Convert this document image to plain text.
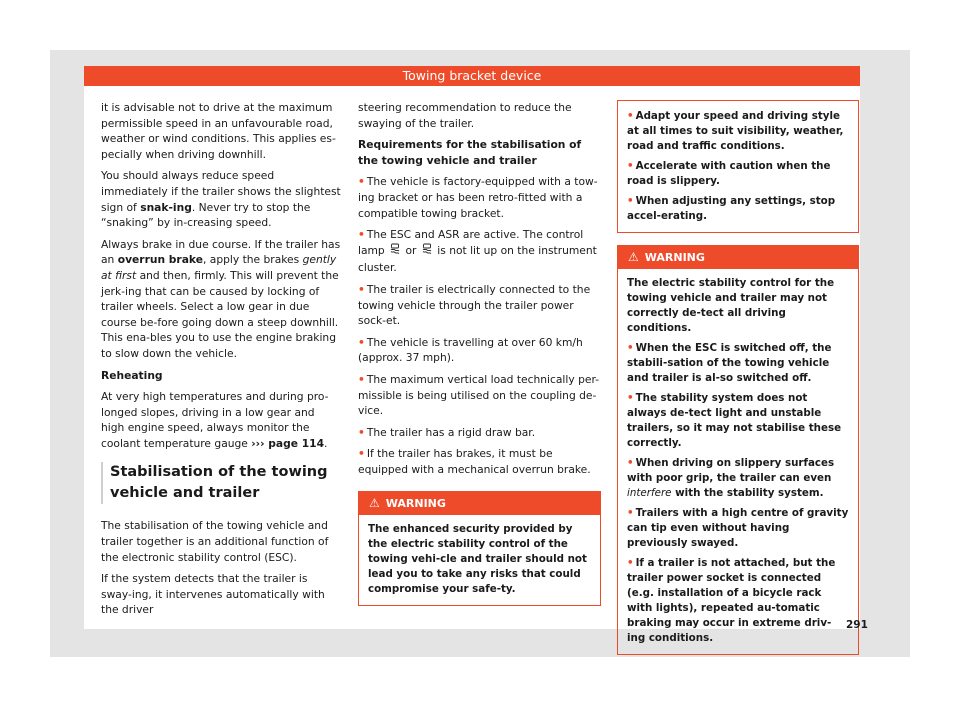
Towing bracket device

it is advisable not to drive at the maximum permissible speed in an unfavourable road, weather or wind conditions. This applies es-pecially when driving downhill.

You should always reduce speed immediately if the trailer shows the slightest sign of snak-ing. Never try to stop the “snaking” by in-creasing speed.

Always brake in due course. If the trailer has an overrun brake, apply the brakes gently at first and then, firmly. This will prevent the jerk-ing that can be caused by locking of trailer wheels. Select a low gear in due course be-fore going down a steep downhill. This ena-bles you to use the engine braking to slow down the vehicle.

Reheating

At very high temperatures and during pro-longed slopes, driving in a low gear and high engine speed, always monitor the coolant temperature gauge ››› page 114.

Stabilisation of the towing vehicle and trailer

The stabilisation of the towing vehicle and trailer together is an additional function of the electronic stability control (ESC).

If the system detects that the trailer is sway-ing, it intervenes automatically with the driver

steering recommendation to reduce the swaying of the trailer.

Requirements for the stabilisation of the towing vehicle and trailer

• The vehicle is factory-equipped with a tow-ing bracket or has been retro-fitted with a compatible towing bracket.

• The ESC and ASR are active. The control lamp  or  is not lit up on the instrument cluster.

• The trailer is electrically connected to the towing vehicle through the trailer power sock-et.

• The vehicle is travelling at over 60 km/h (approx. 37 mph).

• The maximum vertical load technically per-missible is being utilised on the coupling de-vice.

• The trailer has a rigid draw bar.

• If the trailer has brakes, it must be equipped with a mechanical overrun brake.

⚠ WARNING
The enhanced security provided by the electric stability control of the towing vehi-cle and trailer should not lead you to take any risks that could compromise your safe-ty.

• Adapt your speed and driving style at all times to suit visibility, weather, road and traffic conditions.

• Accelerate with caution when the road is slippery.

• When adjusting any settings, stop accel-erating.

⚠ WARNING

The electric stability control for the towing vehicle and trailer may not correctly de-tect all driving conditions.

• When the ESC is switched off, the stabili-sation of the towing vehicle and trailer is al-so switched off.

• The stability system does not always de-tect light and unstable trailers, so it may not stabilise these correctly.

• When driving on slippery surfaces with poor grip, the trailer can even interfere with the stability system.

• Trailers with a high centre of gravity can tip even without having previously swayed.

• If a trailer is not attached, but the trailer power socket is connected (e.g. installation of a bicycle rack with lights), repeated au-tomatic braking may occur in extreme driv-ing conditions.

291
